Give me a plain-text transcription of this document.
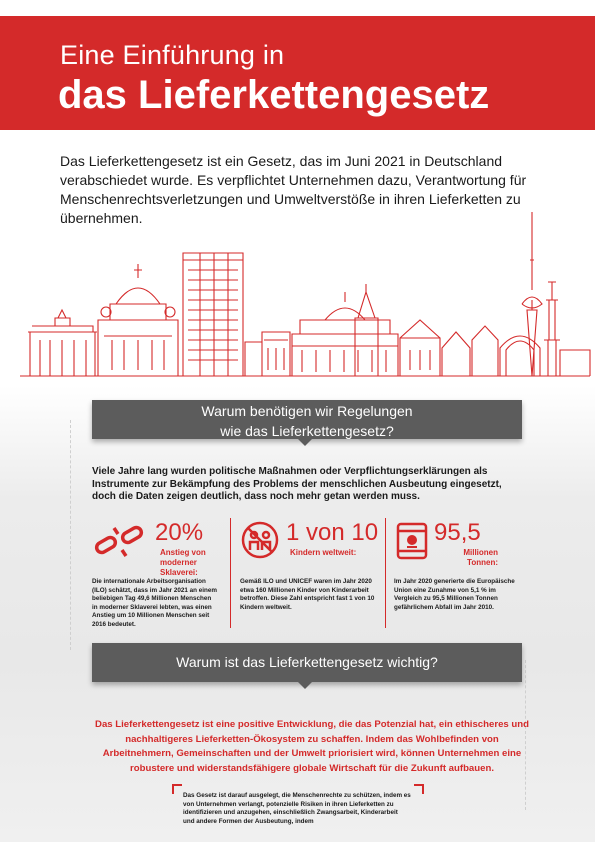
Eine Einführung in
das Lieferkettengesetz
Das Lieferkettengesetz ist ein Gesetz, das im Juni 2021 in Deutschland verabschiedet wurde. Es verpflichtet Unternehmen dazu, Verantwortung für Menschenrechtsverletzungen und Umweltverstöße in ihren Lieferketten zu übernehmen.
Warum benötigen wir Regelungen
wie das Lieferkettengesetz?
Viele Jahre lang wurden politische Maßnahmen oder Verpflichtungserklärungen als Instrumente zur Bekämpfung des Problems der menschlichen Ausbeutung eingesetzt, doch die Daten zeigen deutlich, dass noch mehr getan werden muss.
20%
Anstieg von moderner Sklaverei:
Die internationale Arbeitsorganisation (ILO) schätzt, dass im Jahr 2021 an einem beliebigen Tag 49,6 Millionen Menschen in moderner Sklaverei lebten, was einen Anstieg um 10 Millionen Menschen seit 2016 bedeutet.
1 von 10
Kindern weltweit:
Gemäß ILO und UNICEF waren im Jahr 2020 etwa 160 Millionen Kinder von Kinderarbeit betroffen. Diese Zahl entspricht fast 1 von 10 Kindern weltweit.
95,5
Millionen Tonnen:
Im Jahr 2020 generierte die Europäische Union eine Zunahme von 5,1 % im Vergleich zu 95,5 Millionen Tonnen gefährlichem Abfall im Jahr 2010.
Warum ist das Lieferkettengesetz wichtig?
Das Lieferkettengesetz ist eine positive Entwicklung, die das Potenzial hat, ein ethischeres und nachhaltigeres Lieferketten-Ökosystem zu schaffen. Indem das Wohlbefinden von Arbeitnehmern, Gemeinschaften und der Umwelt priorisiert wird, können Unternehmen eine robustere und widerstandsfähigere globale Wirtschaft für die Zukunft aufbauen.
Das Gesetz ist darauf ausgelegt, die Menschenrechte zu schützen, indem es von Unternehmen verlangt, potenzielle Risiken in ihren Lieferketten zu identifizieren und anzugehen, einschließlich Zwangsarbeit, Kinderarbeit und andere Formen der Ausbeutung, indem
